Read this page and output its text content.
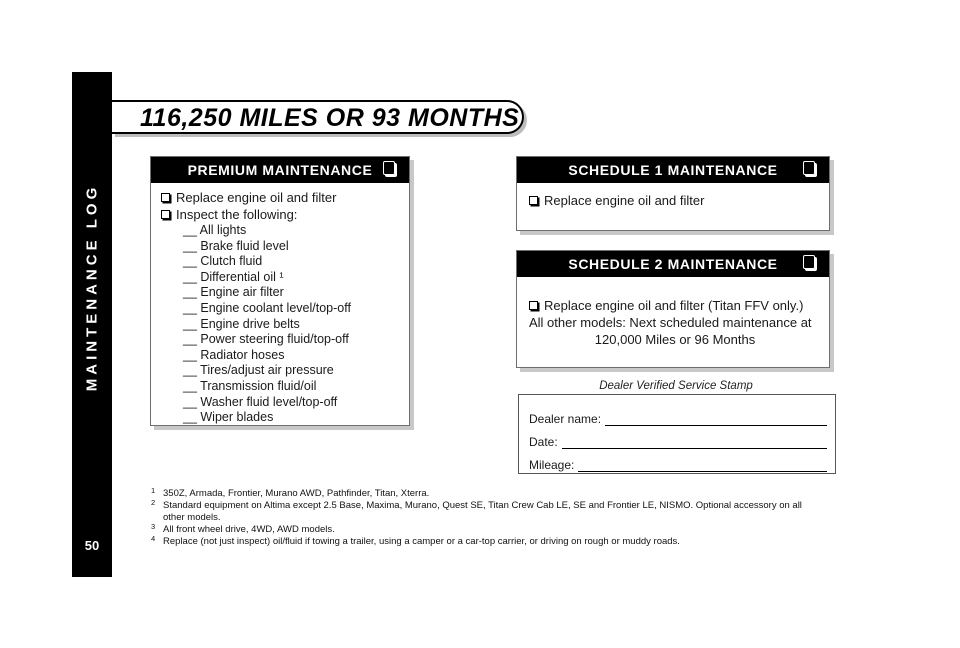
MAINTENANCE LOG
50
116,250 MILES OR 93 MONTHS
PREMIUM MAINTENANCE
Replace engine oil and filter
Inspect the following:
__ All lights
__ Brake fluid level
__ Clutch fluid
__ Differential oil ¹
__ Engine air filter
__ Engine coolant level/top-off
__ Engine drive belts
__ Power steering fluid/top-off
__ Radiator hoses
__ Tires/adjust air pressure
__ Transmission fluid/oil
__ Washer fluid level/top-off
__ Wiper blades
SCHEDULE 1 MAINTENANCE
Replace engine oil and filter
SCHEDULE 2 MAINTENANCE
Replace engine oil and filter (Titan FFV only.)
All other models: Next scheduled maintenance at
120,000 Miles or 96 Months
Dealer Verified Service Stamp
Dealer name:
Date:
Mileage:
1 350Z, Armada, Frontier, Murano AWD, Pathfinder, Titan, Xterra.
2 Standard equipment on Altima except 2.5 Base, Maxima, Murano, Quest SE, Titan Crew Cab LE, SE and Frontier LE, NISMO. Optional accessory on all
other models.
3 All front wheel drive, 4WD, AWD models.
4 Replace (not just inspect) oil/fluid if towing a trailer, using a camper or a car-top carrier, or driving on rough or muddy roads.
